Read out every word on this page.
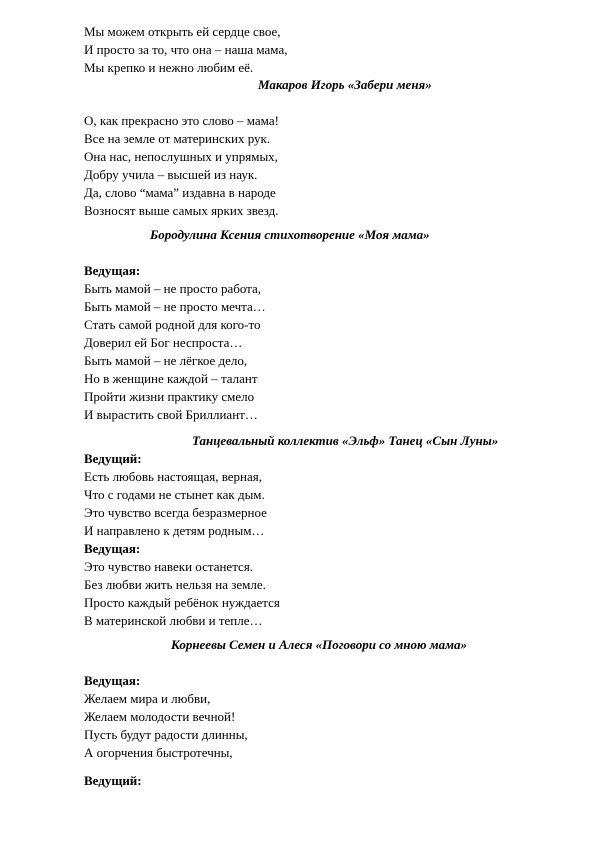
Мы можем открыть ей сердце свое,
И просто за то, что она – наша мама,
Мы крепко и нежно любим её.
Макаров Игорь «Забери меня»
О, как прекрасно это слово – мама!
Все на земле от материнских рук.
Она нас, непослушных и упрямых,
Добру учила – высшей из наук.
Да, слово “мама” издавна в народе
Возносят выше самых ярких звезд.
Бородулина Ксения стихотворение «Моя мама»
Ведущая:
Быть мамой – не просто работа,
Быть мамой – не просто мечта…
Стать самой родной для кого-то
Доверил ей Бог неспроста…
Быть мамой – не лёгкое дело,
Но в женщине каждой – талант
Пройти жизни практику смело
И вырастить свой Бриллиант…
Танцевальный коллектив «Эльф» Танец «Сын Луны»
Ведущий:
Есть любовь настоящая, верная,
Что с годами не стынет как дым.
Это чувство всегда безразмерное
И направлено к детям родным…
Ведущая:
Это чувство навеки останется.
Без любви жить нельзя на земле.
Просто каждый ребёнок нуждается
В материнской любви и тепле…
Корнеевы Семен и Алеся «Поговори со мною мама»
Ведущая:
Желаем мира и любви,
Желаем молодости вечной!
Пусть будут радости длинны,
А огорчения быстротечны,
Ведущий:
